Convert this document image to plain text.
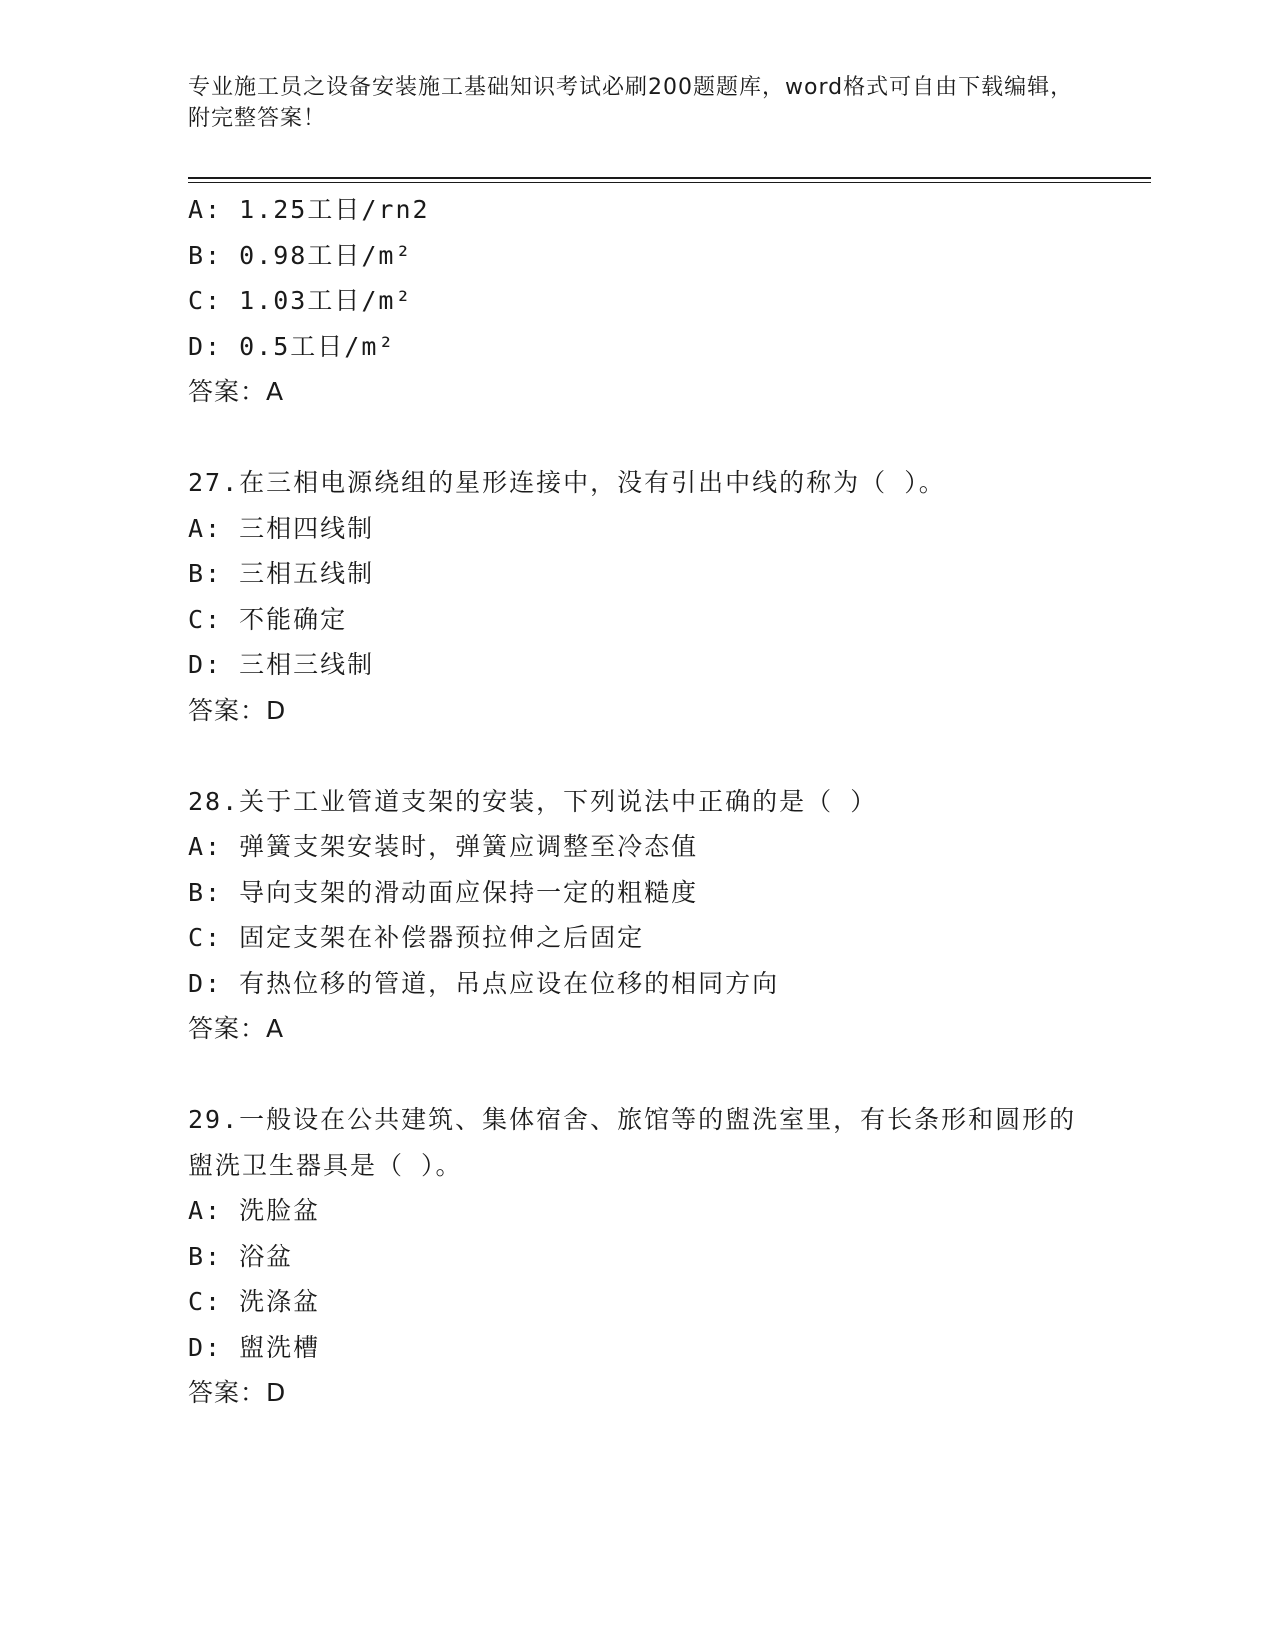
专业施工员之设备安装施工基础知识考试必刷200题题库，word格式可自由下载编辑，附完整答案！
A: 1.25工日/rn2
B: 0.98工日/m²
C: 1.03工日/m²
D: 0.5工日/m²
答案：A
27.在三相电源绕组的星形连接中，没有引出中线的称为（ ）。
A: 三相四线制
B: 三相五线制
C: 不能确定
D: 三相三线制
答案：D
28.关于工业管道支架的安装，下列说法中正确的是（ ）
A: 弹簧支架安装时，弹簧应调整至冷态值
B: 导向支架的滑动面应保持一定的粗糙度
C: 固定支架在补偿器预拉伸之后固定
D: 有热位移的管道，吊点应设在位移的相同方向
答案：A
29.一般设在公共建筑、集体宿舍、旅馆等的盥洗室里，有长条形和圆形的盥洗卫生器具是（ ）。
A: 洗脸盆
B: 浴盆
C: 洗涤盆
D: 盥洗槽
答案：D
